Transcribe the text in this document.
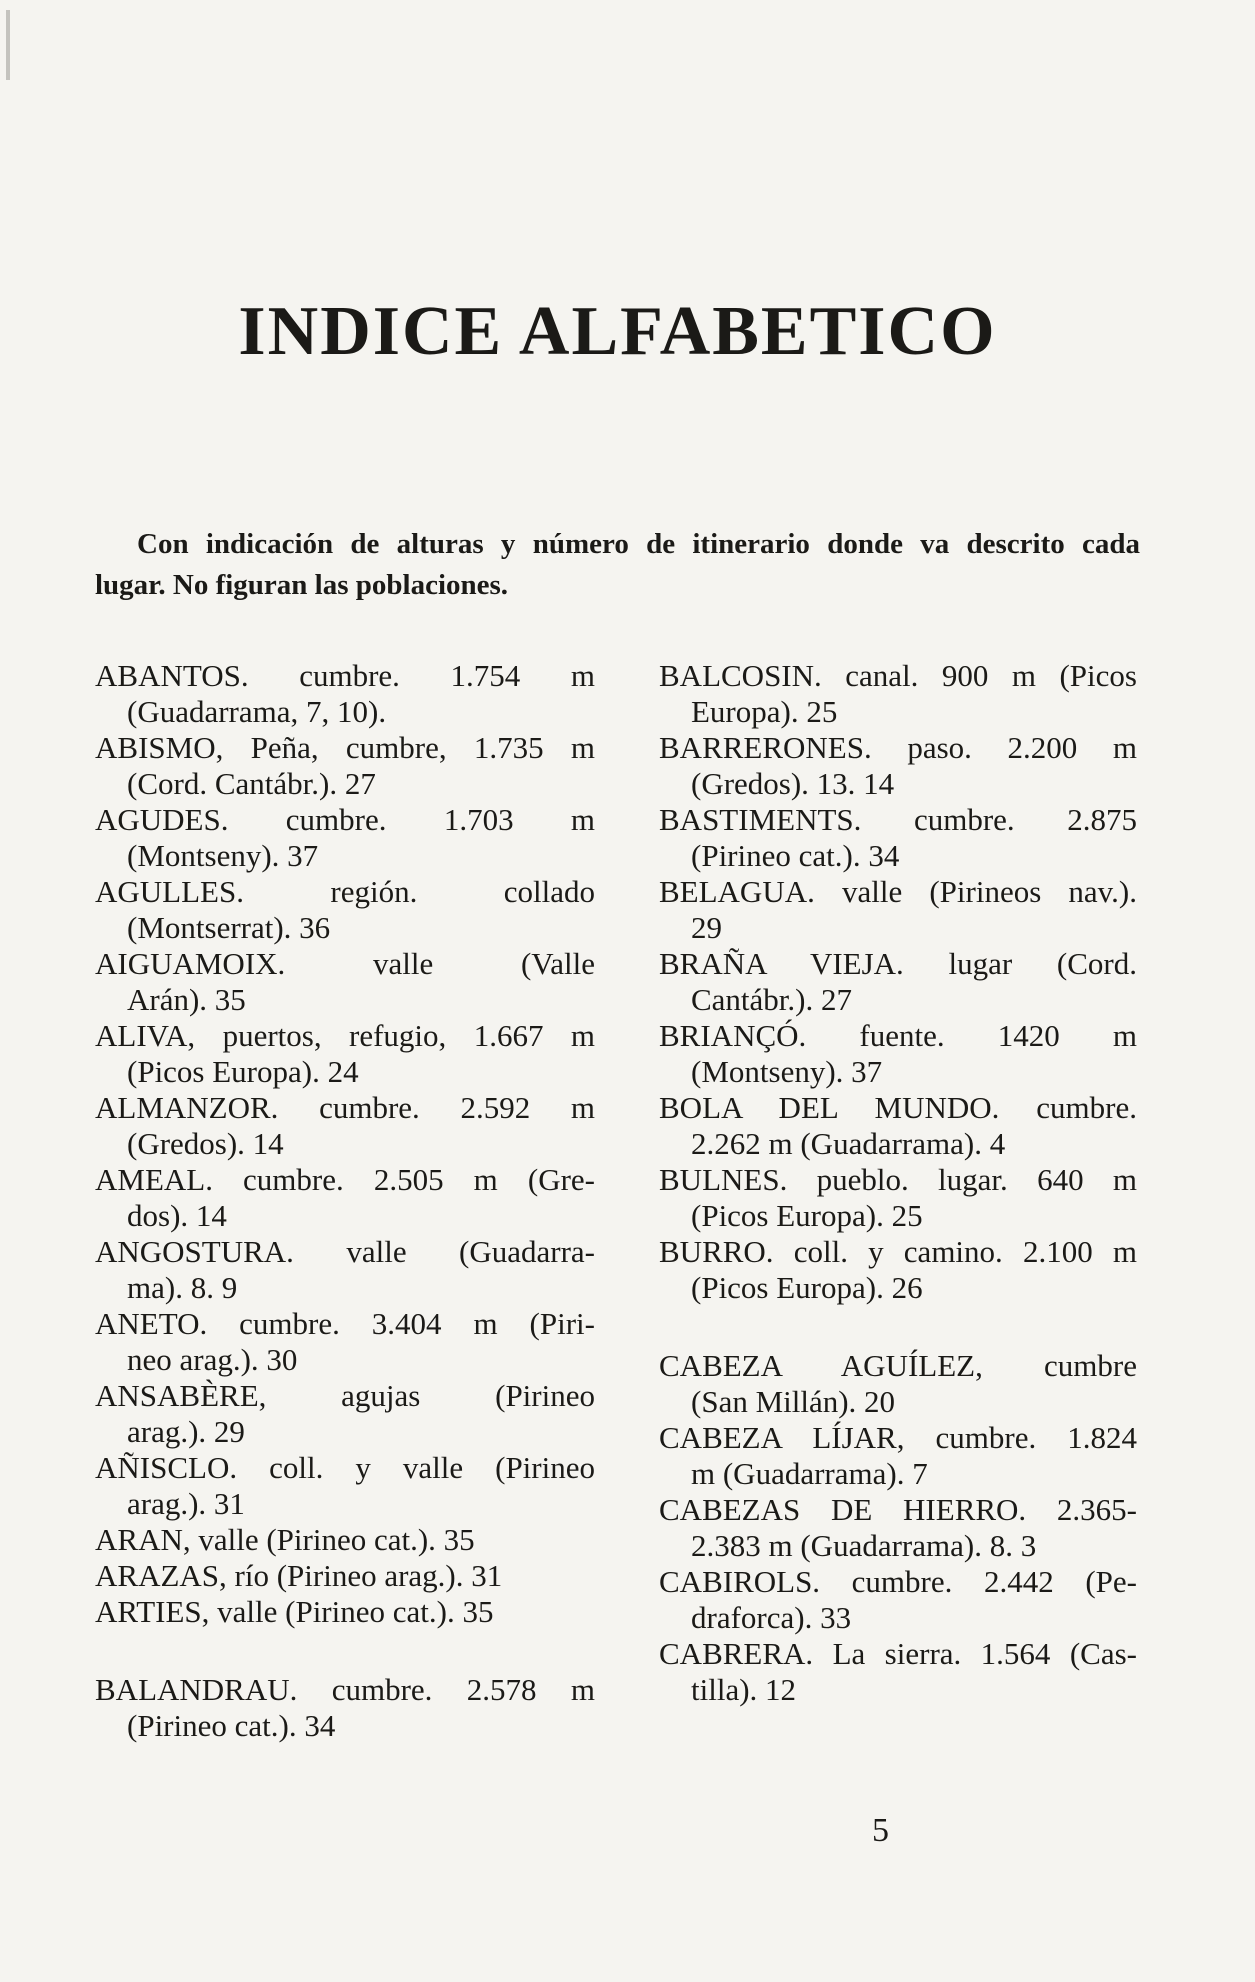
INDICE ALFABETICO
Con indicación de alturas y número de itinerario donde va descrito cada
lugar. No figuran las poblaciones.
ABANTOS. cumbre. 1.754 m
(Guadarrama, 7, 10).
ABISMO, Peña, cumbre, 1.735 m
(Cord. Cantábr.). 27
AGUDES. cumbre. 1.703 m
(Montseny). 37
AGULLES. región. collado
(Montserrat). 36
AIGUAMOIX. valle (Valle
Arán). 35
ALIVA, puertos, refugio, 1.667 m
(Picos Europa). 24
ALMANZOR. cumbre. 2.592 m
(Gredos). 14
AMEAL. cumbre. 2.505 m (Gre-
dos). 14
ANGOSTURA. valle (Guadarra-
ma). 8. 9
ANETO. cumbre. 3.404 m (Piri-
neo arag.). 30
ANSABÈRE, agujas (Pirineo
arag.). 29
AÑISCLO. coll. y valle (Pirineo
arag.). 31
ARAN, valle (Pirineo cat.). 35
ARAZAS, río (Pirineo arag.). 31
ARTIES, valle (Pirineo cat.). 35
BALANDRAU. cumbre. 2.578 m
(Pirineo cat.). 34
BALCOSIN. canal. 900 m (Picos
Europa). 25
BARRERONES. paso. 2.200 m
(Gredos). 13. 14
BASTIMENTS. cumbre. 2.875
(Pirineo cat.). 34
BELAGUA. valle (Pirineos nav.).
29
BRAÑA VIEJA. lugar (Cord.
Cantábr.). 27
BRIANÇÓ. fuente. 1420 m
(Montseny). 37
BOLA DEL MUNDO. cumbre.
2.262 m (Guadarrama). 4
BULNES. pueblo. lugar. 640 m
(Picos Europa). 25
BURRO. coll. y camino. 2.100 m
(Picos Europa). 26
CABEZA AGUÍLEZ, cumbre
(San Millán). 20
CABEZA LÍJAR, cumbre. 1.824
m (Guadarrama). 7
CABEZAS DE HIERRO. 2.365-
2.383 m (Guadarrama). 8. 3
CABIROLS. cumbre. 2.442 (Pe-
draforca). 33
CABRERA. La sierra. 1.564 (Cas-
tilla). 12
5
